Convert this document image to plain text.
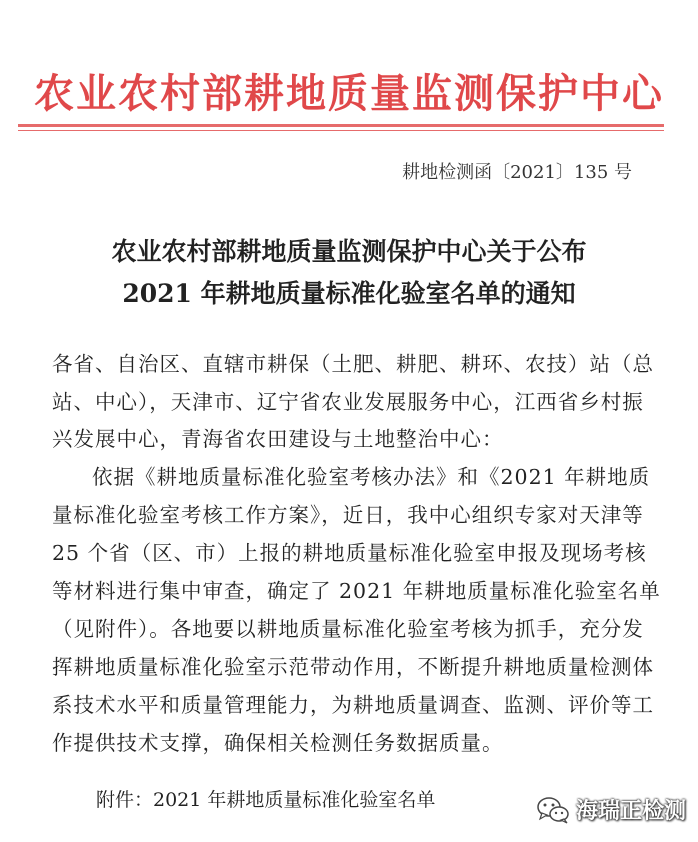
农业农村部耕地质量监测保护中心
耕地检测函〔2021〕135 号
农业农村部耕地质量监测保护中心关于公布
2021 年耕地质量标准化验室名单的通知
各省、自治区、直辖市耕保（土肥、耕肥、耕环、农技）站（总
站、中心），天津市、辽宁省农业发展服务中心，江西省乡村振
兴发展中心，青海省农田建设与土地整治中心：
依据《耕地质量标准化验室考核办法》和《2021 年耕地质
量标准化验室考核工作方案》，近日，我中心组织专家对天津等
25 个省（区、市）上报的耕地质量标准化验室申报及现场考核
等材料进行集中审查，确定了 2021 年耕地质量标准化验室名单
（见附件）。各地要以耕地质量标准化验室考核为抓手，充分发
挥耕地质量标准化验室示范带动作用，不断提升耕地质量检测体
系技术水平和质量管理能力，为耕地质量调查、监测、评价等工
作提供技术支撑，确保相关检测任务数据质量。
附件：2021 年耕地质量标准化验室名单	海瑞正检测
